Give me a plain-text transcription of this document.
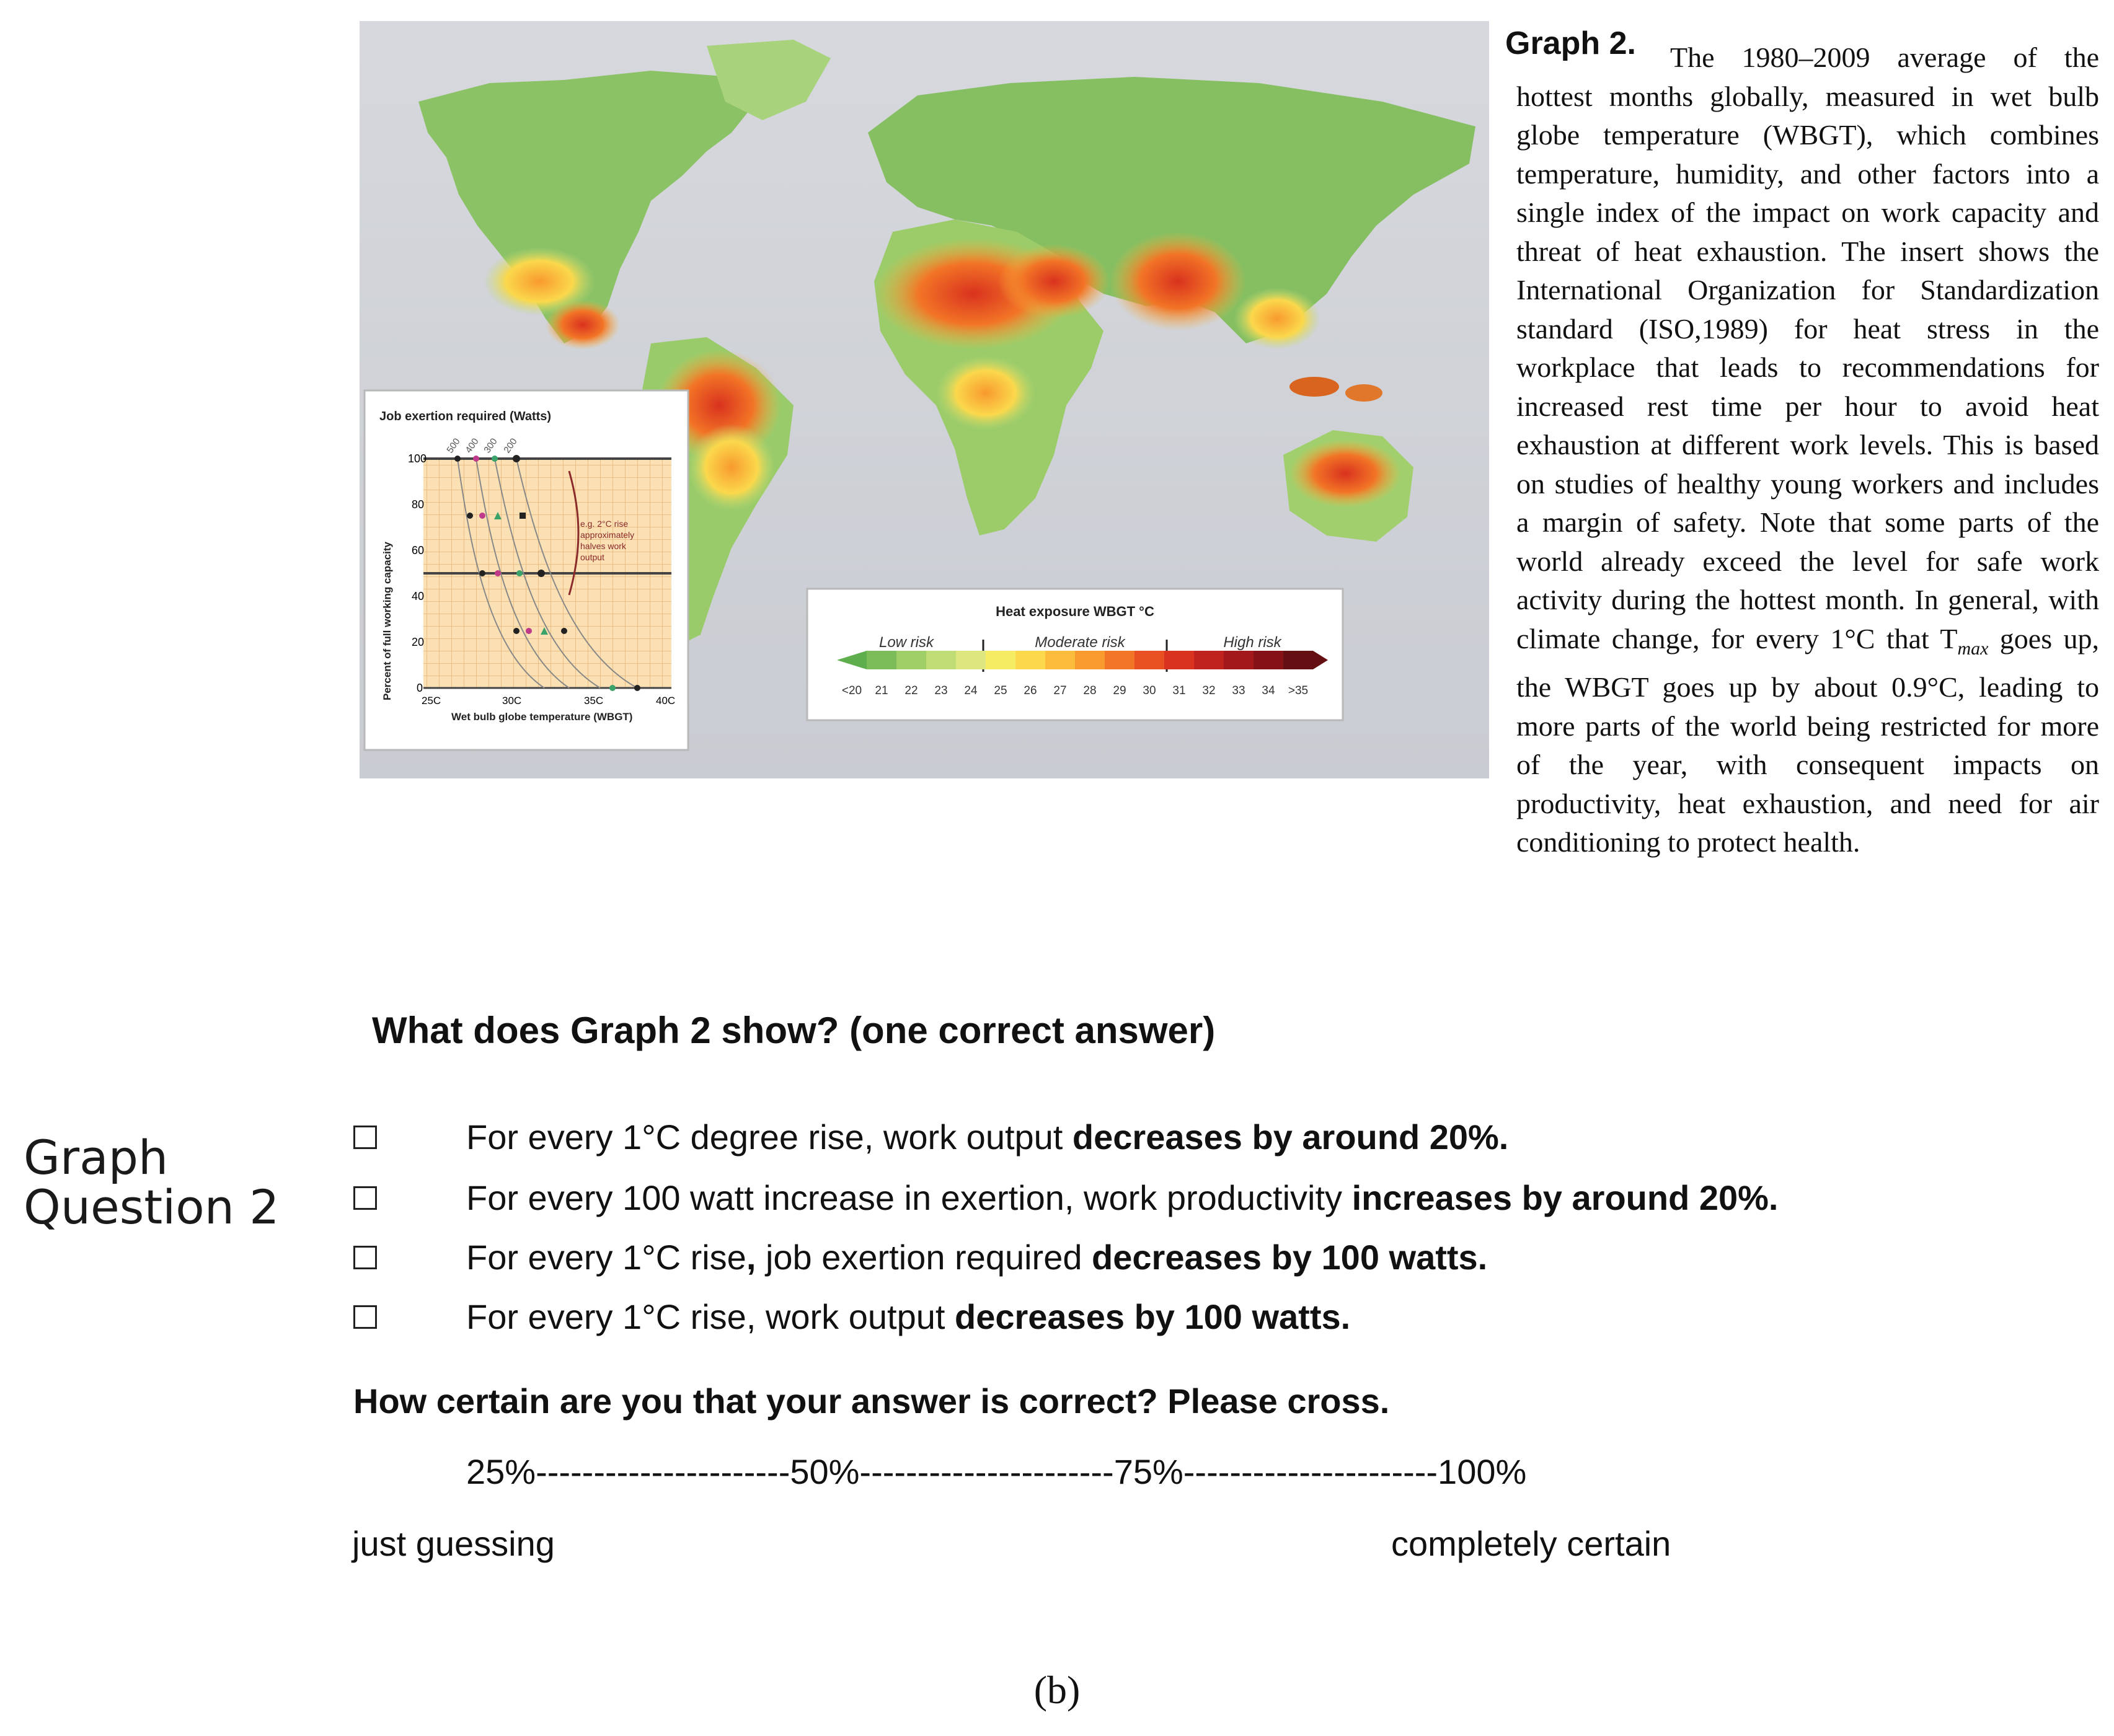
Job exertion required (Watts)
Percent of full working capacity
100
80
60
40
20
0
25C	30C	35C	40C
Wet bulb globe temperature (WBGT)
500 400 300 200
e.g. 2°C rise
approximately
halves work
output
Heat exposure WBGT °C
Low risk	Moderate risk	High risk
<20 21 22 23 24 25 26 27 28 29 30 31 32 33 34 >35
Graph 2.	The 1980–2009 average of the hottest months globally, measured in wet bulb globe temperature (WBGT), which combines temperature, humidity, and other factors into a single index of the impact on work capacity and threat of heat exhaustion. The insert shows the International Organization for Standardization standard (ISO,1989) for heat stress in the workplace that leads to recommendations for increased rest time per hour to avoid heat exhaustion at different work levels. This is based on studies of healthy young workers and includes a margin of safety. Note that some parts of the world already exceed the level for safe work activity during the hottest month. In general, with climate change, for every 1°C that $T_{max}$ goes up, the WBGT goes up by about 0.9°C, leading to more parts of the world being restricted for more of the year, with consequent impacts on productivity, heat exhaustion, and need for air conditioning to protect health.
What does Graph 2 show? (one correct answer)
Graph
Question 2
For every 1°C degree rise, work output decreases by around 20%.
For every 100 watt increase in exertion, work productivity increases by around 20%.
For every 1°C rise, job exertion required decreases by 100 watts.
For every 1°C rise, work output decreases by 100 watts.
How certain are you that your answer is correct? Please cross.
25%----------------------50%----------------------75%----------------------100%
just guessing	completely certain
(b)
